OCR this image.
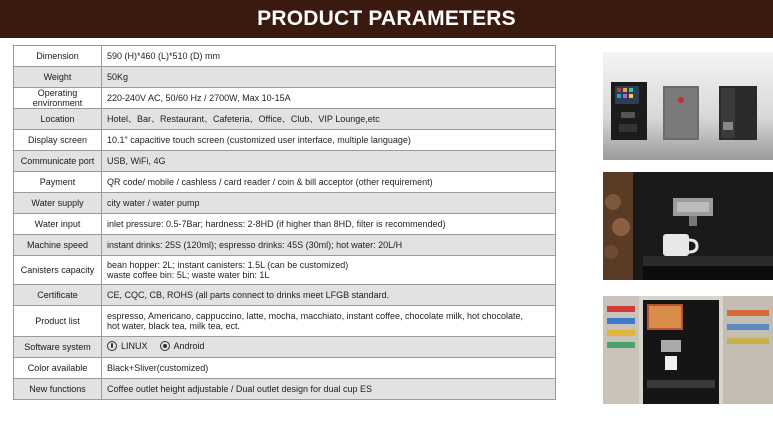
PRODUCT PARAMETERS
Dimension	590 (H)*460 (L)*510 (D) mm
Weight	50Kg
Operating environment	220-240V AC, 50/60 Hz / 2700W, Max 10-15A
Location	Hotel、Bar、Restaurant、Cafeteria、Office、Club、VIP Lounge,etc
Display screen	10.1" capacitive touch screen (customized user interface, multiple language)
Communicate port	USB, WiFi, 4G
Payment	QR code/ mobile / cashless / card reader / coin & bill acceptor (other requirement)
Water supply	city water / water pump
Water input	inlet pressure: 0.5-7Bar; hardness: 2-8HD (if higher than 8HD, filter is recommended)
Machine speed	instant drinks: 25S (120ml); espresso drinks: 45S (30ml); hot water: 20L/H
Canisters capacity	bean hopper: 2L; instant canisters: 1.5L (can be customized)
waste coffee bin: 5L; waste water bin: 1L

Certificate	CE, CQC, CB, ROHS (all parts connect to drinks meet LFGB standard.
Product list	espresso, Americano, cappuccino, latte, mocha, macchiato, instant coffee, chocolate milk, hot chocolate,
hot water, black tea, milk tea, ect.

Software system	LINUX Android

Color available	Black+Sliver(customized)
New functions	Coffee outlet height adjustable / Dual outlet design for dual cup ES
